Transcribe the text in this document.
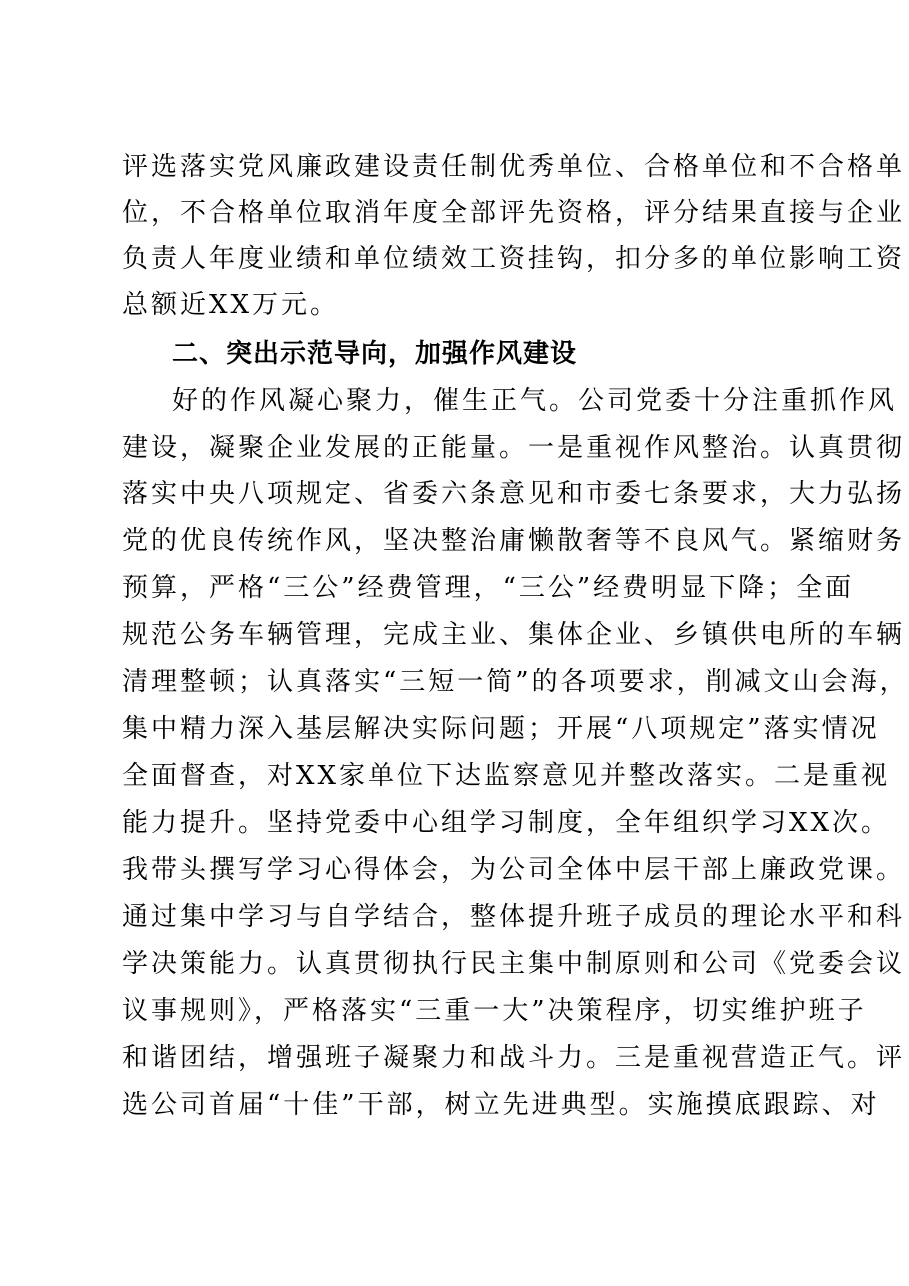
评选落实党风廉政建设责任制优秀单位、合格单位和不合格单
位，不合格单位取消年度全部评先资格，评分结果直接与企业
负责人年度业绩和单位绩效工资挂钩，扣分多的单位影响工资
总额近XX万元。
二、突出示范导向，加强作风建设
好的作风凝心聚力，催生正气。公司党委十分注重抓作风
建设，凝聚企业发展的正能量。一是重视作风整治。认真贯彻
落实中央八项规定、省委六条意见和市委七条要求，大力弘扬
党的优良传统作风，坚决整治庸懒散奢等不良风气。紧缩财务
预算，严格“三公”经费管理，“三公”经费明显下降；全面
规范公务车辆管理，完成主业、集体企业、乡镇供电所的车辆
清理整顿；认真落实“三短一简”的各项要求，削减文山会海，
集中精力深入基层解决实际问题；开展“八项规定”落实情况
全面督查，对XX家单位下达监察意见并整改落实。二是重视
能力提升。坚持党委中心组学习制度，全年组织学习XX次。
我带头撰写学习心得体会，为公司全体中层干部上廉政党课。
通过集中学习与自学结合，整体提升班子成员的理论水平和科
学决策能力。认真贯彻执行民主集中制原则和公司《党委会议
议事规则》，严格落实“三重一大”决策程序，切实维护班子
和谐团结，增强班子凝聚力和战斗力。三是重视营造正气。评
选公司首届“十佳”干部，树立先进典型。实施摸底跟踪、对
